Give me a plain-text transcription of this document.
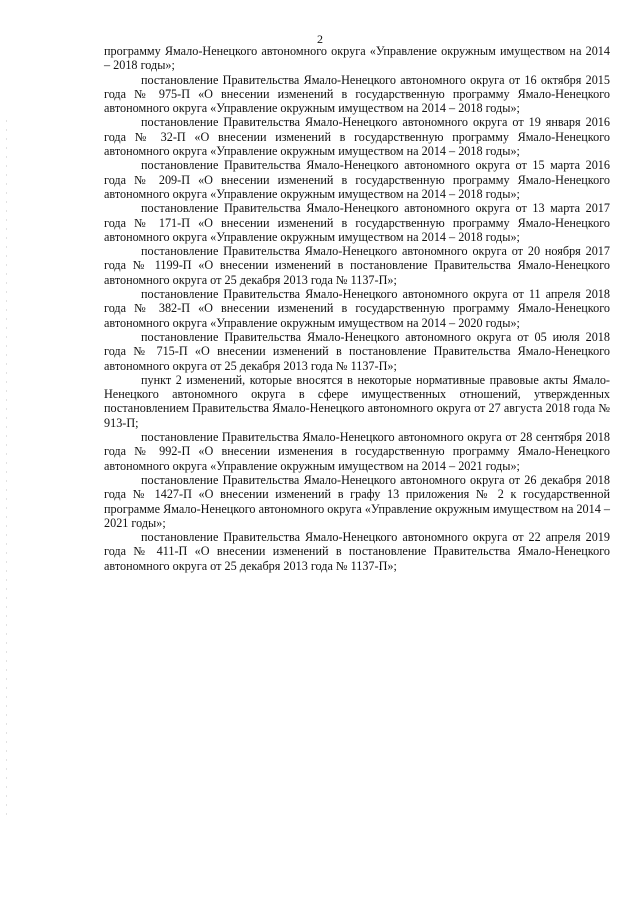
2

программу Ямало-Ненецкого автономного округа «Управление окружным имуществом на 2014 – 2018 годы»;

постановление Правительства Ямало-Ненецкого автономного округа от 16 октября 2015 года № 975-П «О внесении изменений в государственную программу Ямало-Ненецкого автономного округа «Управление окружным имуществом на 2014 – 2018 годы»;

постановление Правительства Ямало-Ненецкого автономного округа от 19 января 2016 года № 32-П «О внесении изменений в государственную программу Ямало-Ненецкого автономного округа «Управление окружным имуществом на 2014 – 2018 годы»;

постановление Правительства Ямало-Ненецкого автономного округа от 15 марта 2016 года № 209-П «О внесении изменений в государственную программу Ямало-Ненецкого автономного округа «Управление окружным имуществом на 2014 – 2018 годы»;

постановление Правительства Ямало-Ненецкого автономного округа от 13 марта 2017 года № 171-П «О внесении изменений в государственную программу Ямало-Ненецкого автономного округа «Управление окружным имуществом на 2014 – 2018 годы»;

постановление Правительства Ямало-Ненецкого автономного округа от 20 ноября 2017 года № 1199-П «О внесении изменений в постановление Правительства Ямало-Ненецкого автономного округа от 25 декабря 2013 года № 1137-П»;

постановление Правительства Ямало-Ненецкого автономного округа от 11 апреля 2018 года № 382-П «О внесении изменений в государственную программу Ямало-Ненецкого автономного округа «Управление окружным имуществом на 2014 – 2020 годы»;

постановление Правительства Ямало-Ненецкого автономного округа от 05 июля 2018 года № 715-П «О внесении изменений в постановление Правительства Ямало-Ненецкого автономного округа от 25 декабря 2013 года № 1137-П»;

пункт 2 изменений, которые вносятся в некоторые нормативные правовые акты Ямало-Ненецкого автономного округа в сфере имущественных отношений, утвержденных постановлением Правительства Ямало-Ненецкого автономного округа от 27 августа 2018 года № 913-П;

постановление Правительства Ямало-Ненецкого автономного округа от 28 сентября 2018 года № 992-П «О внесении изменения в государственную программу Ямало-Ненецкого автономного округа «Управление окружным имуществом на 2014 – 2021 годы»;

постановление Правительства Ямало-Ненецкого автономного округа от 26 декабря 2018 года № 1427-П «О внесении изменений в графу 13 приложения № 2 к государственной программе Ямало-Ненецкого автономного округа «Управление окружным имуществом на 2014 – 2021 годы»;

постановление Правительства Ямало-Ненецкого автономного округа от 22 апреля 2019 года № 411-П «О внесении изменений в постановление Правительства Ямало-Ненецкого автономного округа от 25 декабря 2013 года № 1137-П»;
